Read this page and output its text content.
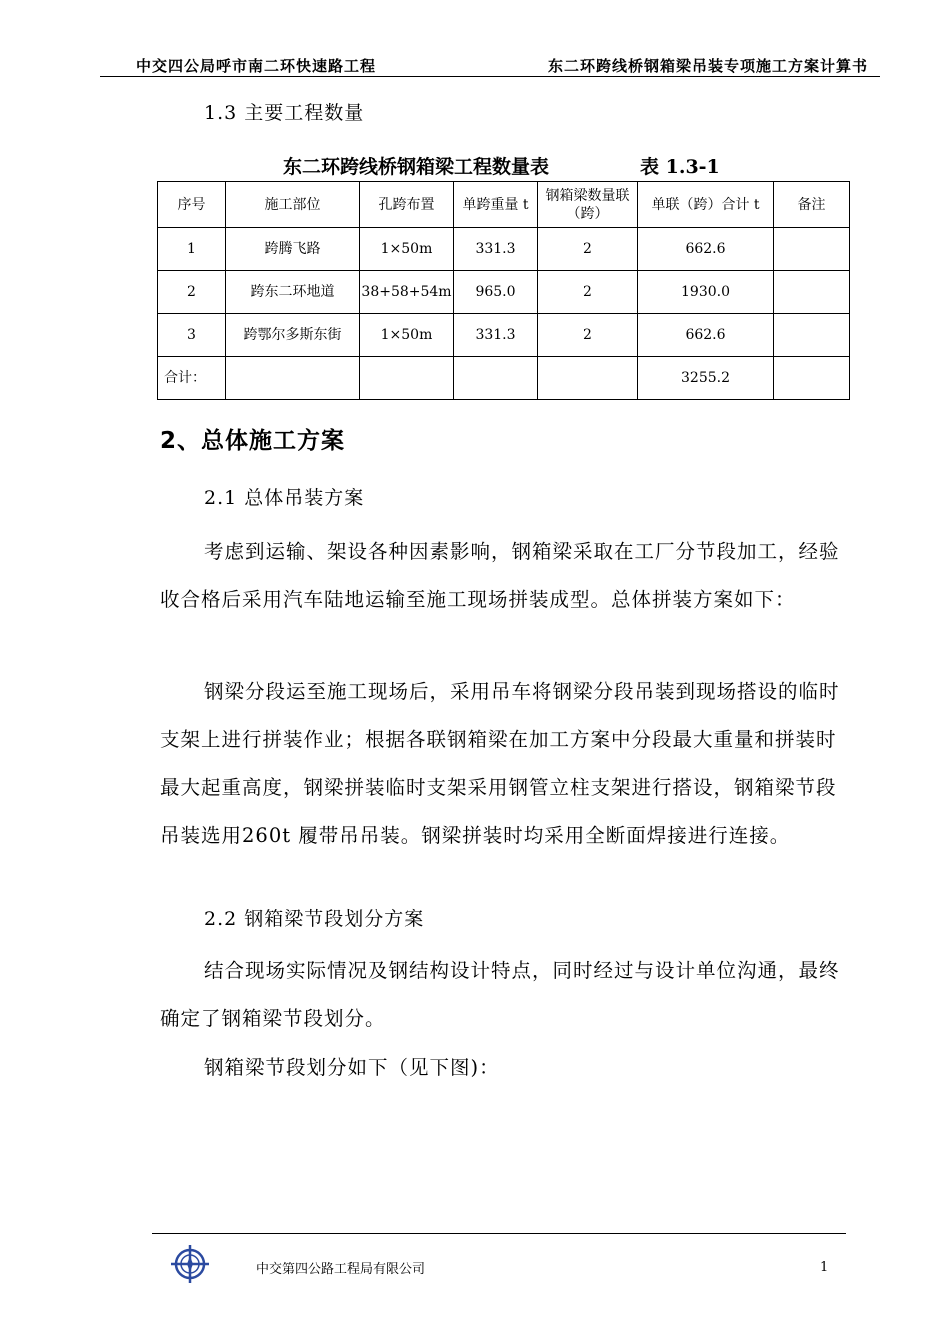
中交四公局呼市南二环快速路工程	东二环跨线桥钢箱梁吊装专项施工方案计算书
1.3 主要工程数量
东二环跨线桥钢箱梁工程数量表	表 1.3-1
序号	施工部位	孔跨布置	单跨重量 t	钢箱梁数量联（跨）	单联（跨）合计 t	备注
1	跨腾飞路	1×50m	331.3	2	662.6	
2	跨东二环地道	38+58+54m	965.0	2	1930.0	
3	跨鄂尔多斯东街	1×50m	331.3	2	662.6	
合计：					3255.2	
2、总体施工方案
2.1 总体吊装方案
考虑到运输、架设各种因素影响，钢箱梁采取在工厂分节段加工，经验收合格后采用汽车陆地运输至施工现场拼装成型。总体拼装方案如下：
钢梁分段运至施工现场后，采用吊车将钢梁分段吊装到现场搭设的临时支架上进行拼装作业；根据各联钢箱梁在加工方案中分段最大重量和拼装时最大起重高度，钢梁拼装临时支架采用钢管立柱支架进行搭设，钢箱梁节段吊装选用260t 履带吊吊装。钢梁拼装时均采用全断面焊接进行连接。
2.2 钢箱梁节段划分方案
结合现场实际情况及钢结构设计特点，同时经过与设计单位沟通，最终确定了钢箱梁节段划分。
钢箱梁节段划分如下（见下图)：
中交第四公路工程局有限公司	1
